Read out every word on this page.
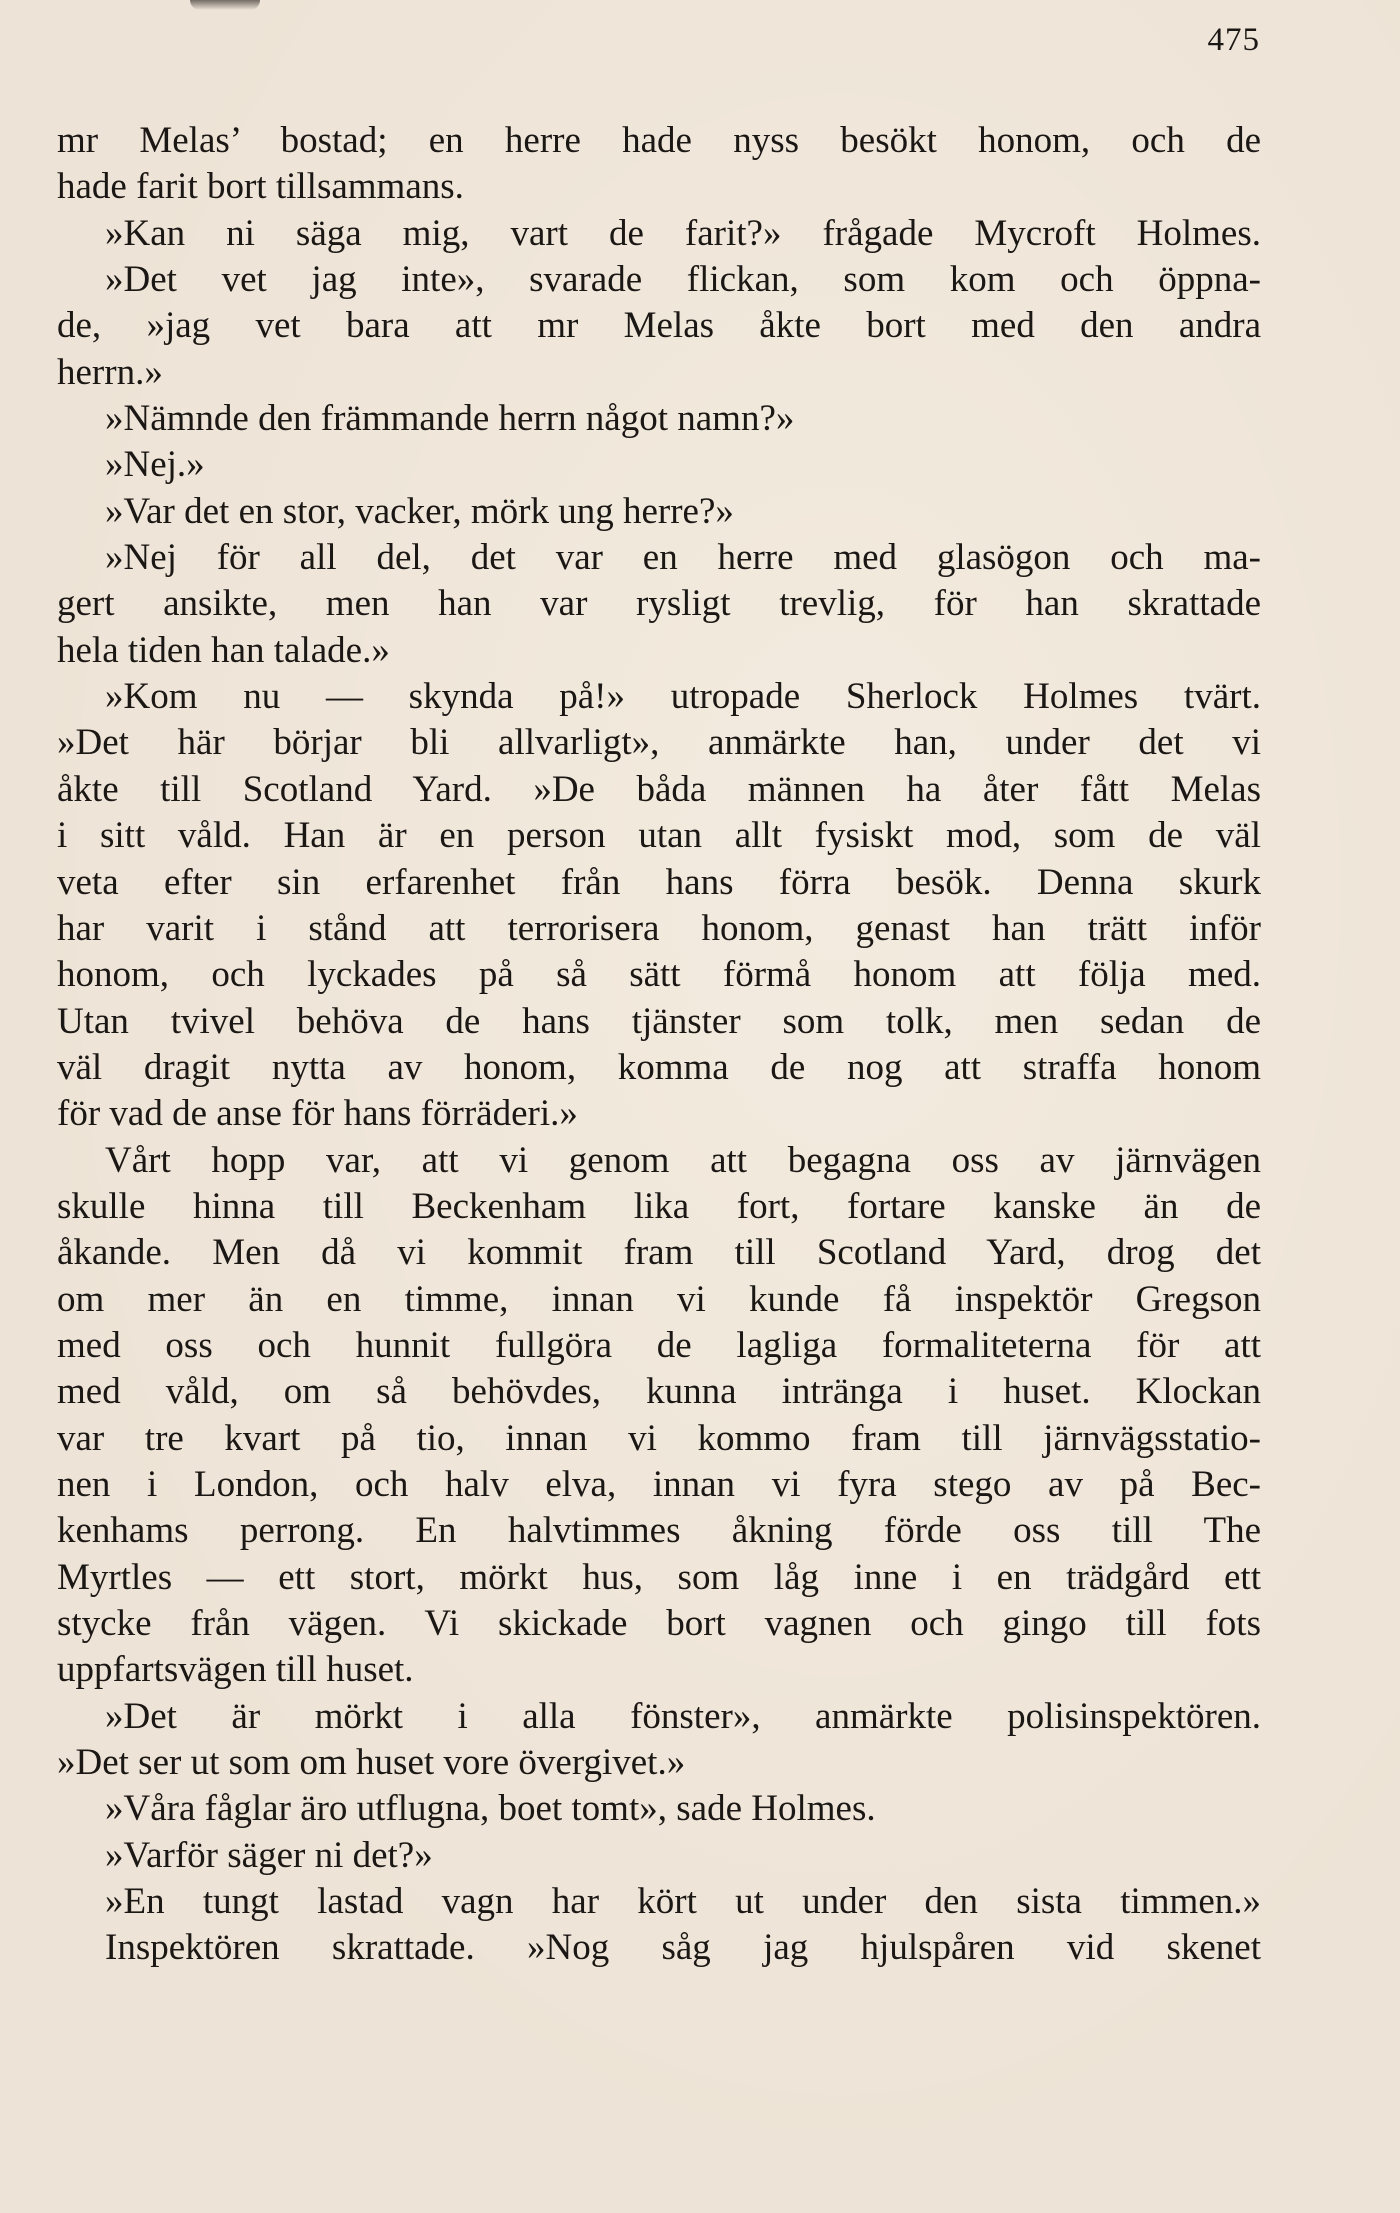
475
mr Melas’ bostad; en herre hade nyss besökt honom, och de
hade farit bort tillsammans.
»Kan ni säga mig, vart de farit?» frågade Mycroft Holmes.
»Det vet jag inte», svarade flickan, som kom och öppna-
de, »jag vet bara att mr Melas åkte bort med den andra
herrn.»
»Nämnde den främmande herrn något namn?»
»Nej.»
»Var det en stor, vacker, mörk ung herre?»
»Nej för all del, det var en herre med glasögon och ma-
gert ansikte, men han var rysligt trevlig, för han skrattade
hela tiden han talade.»
»Kom nu — skynda på!» utropade Sherlock Holmes tvärt.
»Det här börjar bli allvarligt», anmärkte han, under det vi
åkte till Scotland Yard. »De båda männen ha åter fått Melas
i sitt våld. Han är en person utan allt fysiskt mod, som de väl
veta efter sin erfarenhet från hans förra besök. Denna skurk
har varit i stånd att terrorisera honom, genast han trätt inför
honom, och lyckades på så sätt förmå honom att följa med.
Utan tvivel behöva de hans tjänster som tolk, men sedan de
väl dragit nytta av honom, komma de nog att straffa honom
för vad de anse för hans förräderi.»
Vårt hopp var, att vi genom att begagna oss av järnvägen
skulle hinna till Beckenham lika fort, fortare kanske än de
åkande. Men då vi kommit fram till Scotland Yard, drog det
om mer än en timme, innan vi kunde få inspektör Gregson
med oss och hunnit fullgöra de lagliga formaliteterna för att
med våld, om så behövdes, kunna intränga i huset. Klockan
var tre kvart på tio, innan vi kommo fram till järnvägsstatio-
nen i London, och halv elva, innan vi fyra stego av på Bec-
kenhams perrong. En halvtimmes åkning förde oss till The
Myrtles — ett stort, mörkt hus, som låg inne i en trädgård ett
stycke från vägen. Vi skickade bort vagnen och gingo till fots
uppfartsvägen till huset.
»Det är mörkt i alla fönster», anmärkte polisinspektören.
»Det ser ut som om huset vore övergivet.»
»Våra fåglar äro utflugna, boet tomt», sade Holmes.
»Varför säger ni det?»
»En tungt lastad vagn har kört ut under den sista timmen.»
Inspektören skrattade. »Nog såg jag hjulspåren vid skenet
